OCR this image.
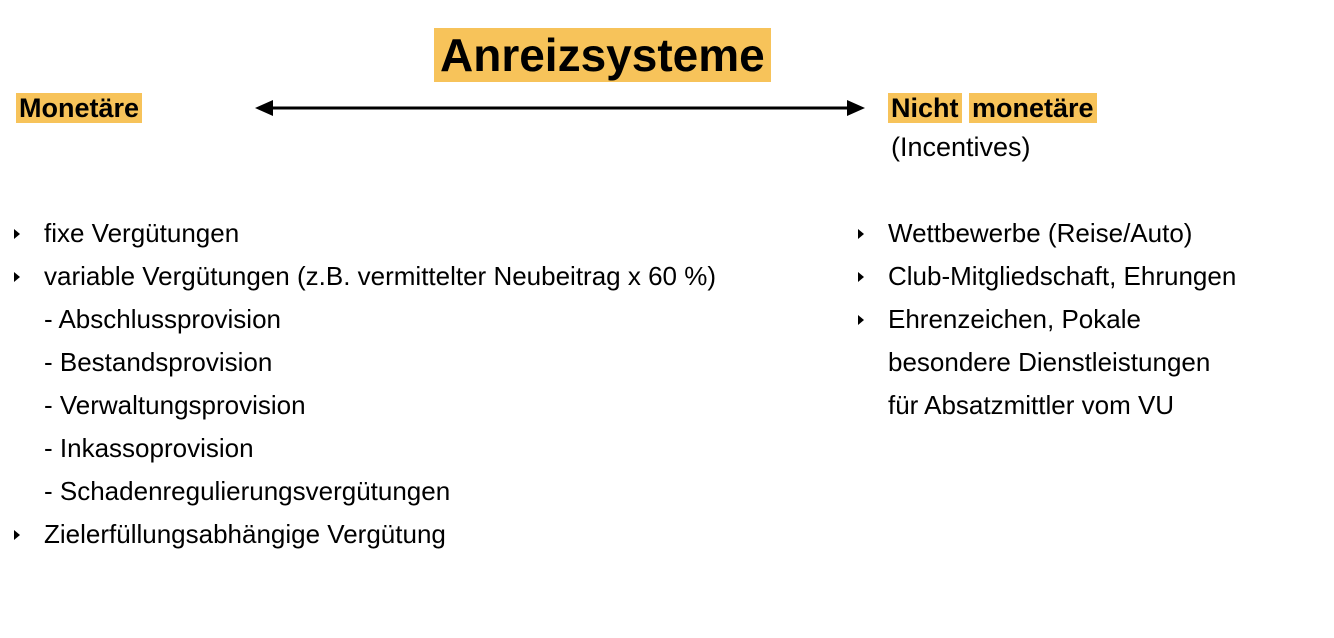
Anreizsysteme
Monetäre	Nicht monetäre
(Incentives)
fixe Vergütungen
variable Vergütungen (z.B. vermittelter Neubeitrag x 60 %)
- Abschlussprovision
- Bestandsprovision
- Verwaltungsprovision
- Inkassoprovision
- Schadenregulierungsvergütungen
Zielerfüllungsabhängige Vergütung
Wettbewerbe (Reise/Auto)
Club-Mitgliedschaft, Ehrungen
Ehrenzeichen, Pokale
besondere Dienstleistungen
für Absatzmittler vom VU
